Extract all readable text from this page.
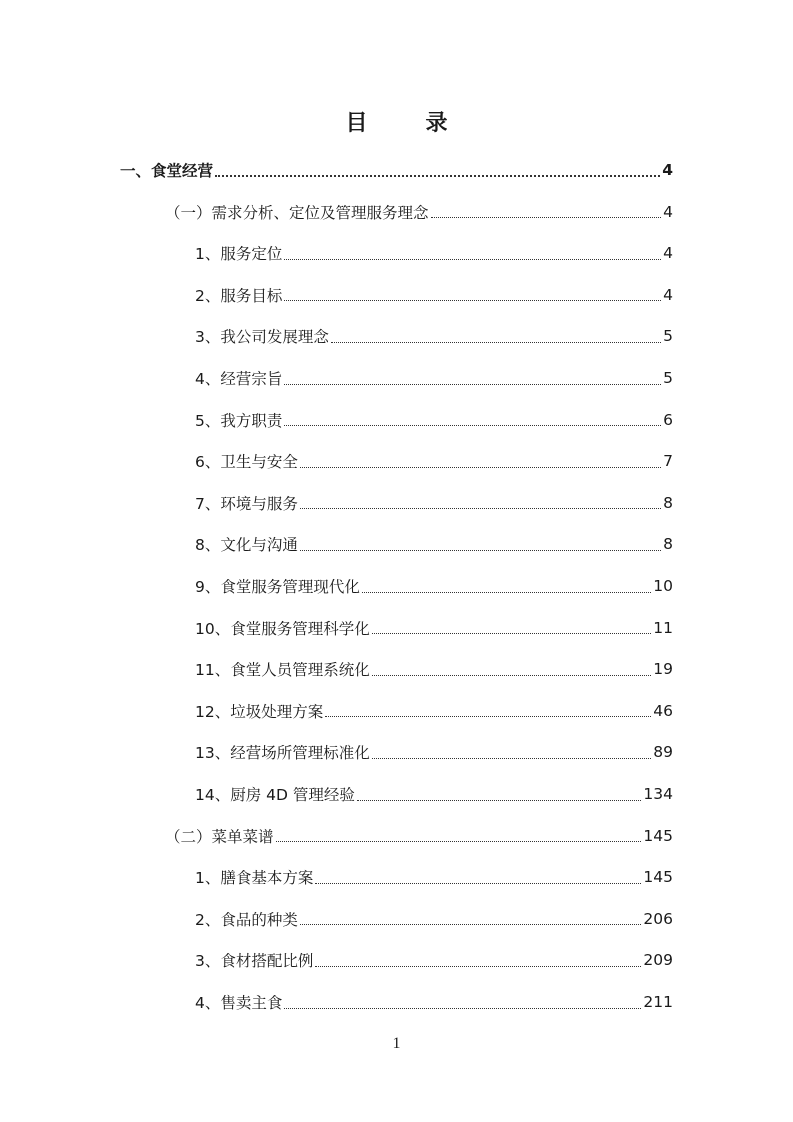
目　录
一、食堂经营	4
（一）需求分析、定位及管理服务理念	4
1、服务定位	4
2、服务目标	4
3、我公司发展理念	5
4、经营宗旨	5
5、我方职责	6
6、卫生与安全	7
7、环境与服务	8
8、文化与沟通	8
9、食堂服务管理现代化	10
10、食堂服务管理科学化	11
11、食堂人员管理系统化	19
12、垃圾处理方案	46
13、经营场所管理标准化	89
14、厨房 4D 管理经验	134
（二）菜单菜谱	145
1、膳食基本方案	145
2、食品的种类	206
3、食材搭配比例	209
4、售卖主食	211
1
